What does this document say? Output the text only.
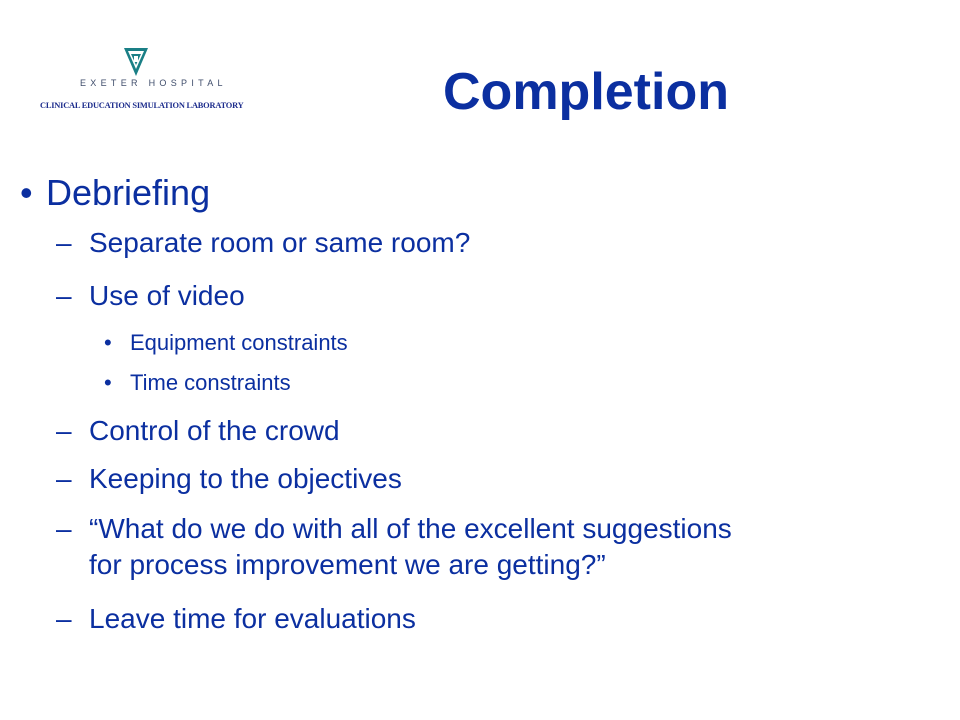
EXETER HOSPITAL
CLINICAL EDUCATION SIMULATION LABORATORY	Completion
• Debriefing
– Separate room or same room?
– Use of video
• Equipment constraints
• Time constraints
– Control of the crowd
– Keeping to the objectives
– “What do we do with all of the excellent suggestions
for process improvement we are getting?”
– Leave time for evaluations
